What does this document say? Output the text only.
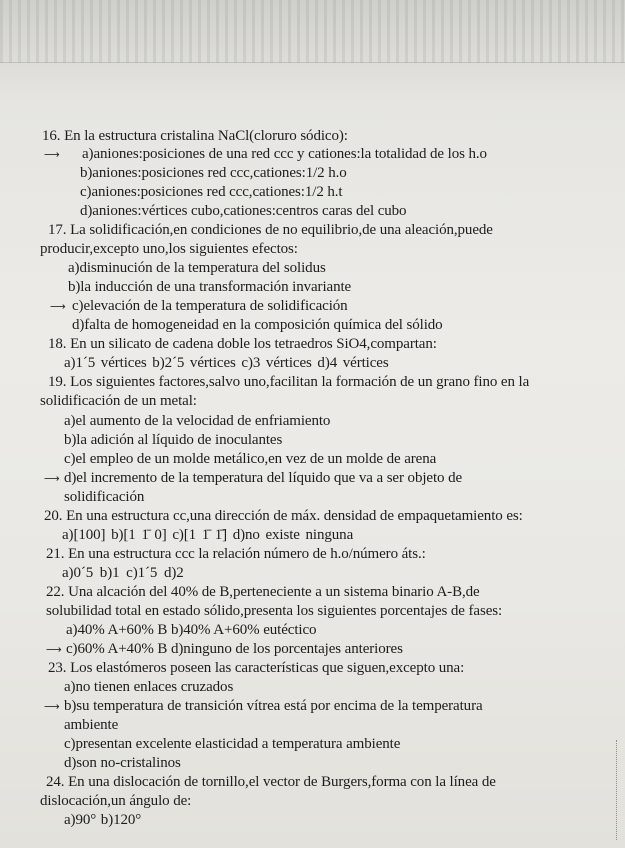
16. En la estructura cristalina NaCl(cloruro sódico):
⟶ a)aniones:posiciones de una red ccc y cationes:la totalidad de los h.o
b)aniones:posiciones red ccc,cationes:1/2 h.o
c)aniones:posiciones red ccc,cationes:1/2 h.t
d)aniones:vértices cubo,cationes:centros caras del cubo
17. La solidificación,en condiciones de no equilibrio,de una aleación,puede
producir,excepto uno,los siguientes efectos:
a)disminución de la temperatura del solidus
b)la inducción de una transformación invariante
⟶ c)elevación de la temperatura de solidificación
d)falta de homogeneidad en la composición química del sólido
18. En un silicato de cadena doble los tetraedros SiO4,compartan:
a)1´5 vértices b)2´5 vértices c)3 vértices d)4 vértices
19. Los siguientes factores,salvo uno,facilitan la formación de un grano fino en la
solidificación de un metal:
a)el aumento de la velocidad de enfriamiento
b)la adición al líquido de inoculantes
c)el empleo de un molde metálico,en vez de un molde de arena
⟶ d)el incremento de la temperatura del líquido que va a ser objeto de
solidificación
20. En una estructura cc,una dirección de máx. densidad de empaquetamiento es:
a)[100] b)[1 1̄ 0] c)[1 1̄ 1̄] d)no existe ninguna
21. En una estructura ccc la relación número de h.o/número áts.:
a)0´5 b)1 c)1´5 d)2
22. Una alcación del 40% de B,perteneciente a un sistema binario A-B,de
solubilidad total en estado sólido,presenta los siguientes porcentajes de fases:
a)40% A+60% B b)40% A+60% eutéctico
⟶ c)60% A+40% B d)ninguno de los porcentajes anteriores
23. Los elastómeros poseen las características que siguen,excepto una:
a)no tienen enlaces cruzados
⟶ b)su temperatura de transición vítrea está por encima de la temperatura
ambiente
c)presentan excelente elasticidad a temperatura ambiente
d)son no-cristalinos
24. En una dislocación de tornillo,el vector de Burgers,forma con la línea de
dislocación,un ángulo de:
a)90° b)120°
